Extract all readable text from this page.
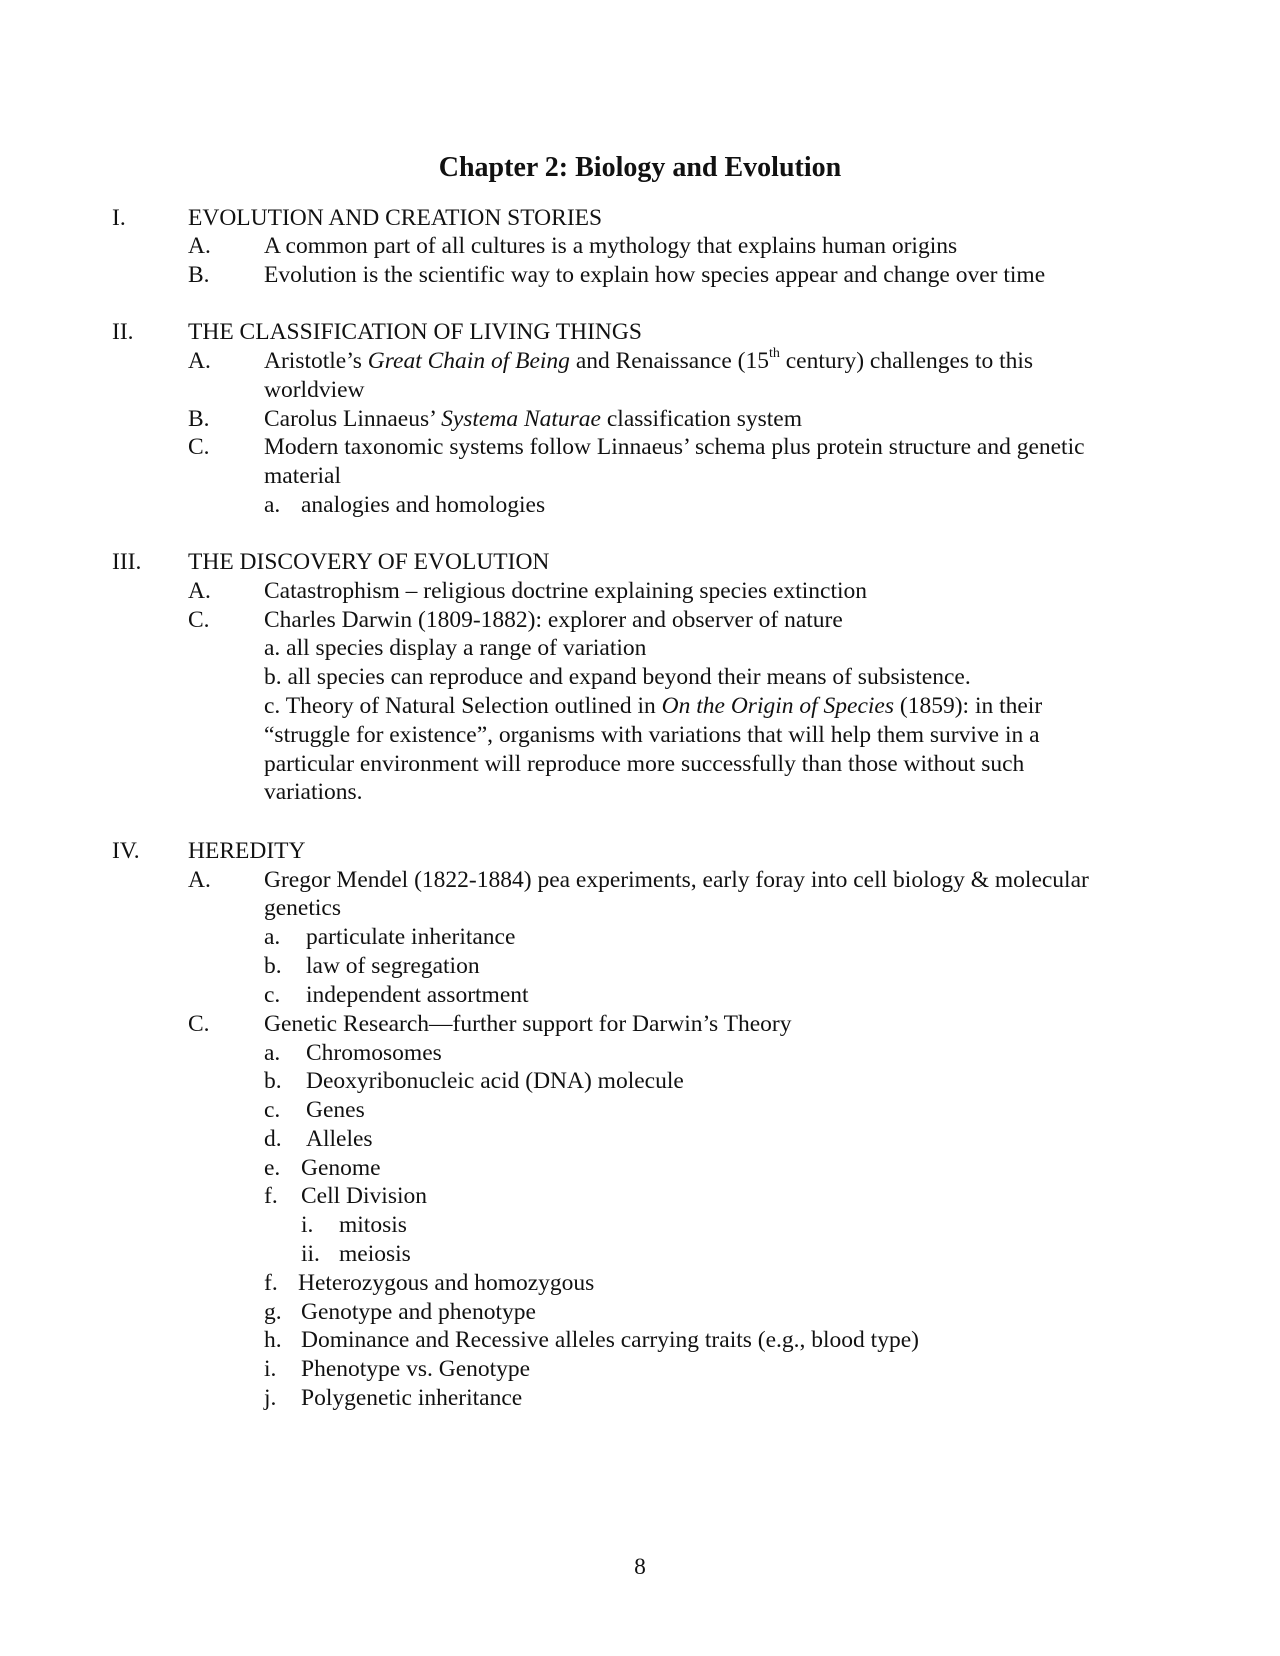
Chapter 2: Biology and Evolution
I.	EVOLUTION AND CREATION STORIES
A. A common part of all cultures is a mythology that explains human origins
B. Evolution is the scientific way to explain how species appear and change over time
II. THE CLASSIFICATION OF LIVING THINGS
A. Aristotle’s Great Chain of Being and Renaissance (15th century) challenges to this
worldview
B. Carolus Linnaeus’ Systema Naturae classification system
C. Modern taxonomic systems follow Linnaeus’ schema plus protein structure and genetic
material
a. analogies and homologies
III. THE DISCOVERY OF EVOLUTION
A. Catastrophism – religious doctrine explaining species extinction
C. Charles Darwin (1809-1882): explorer and observer of nature
a. all species display a range of variation
b. all species can reproduce and expand beyond their means of subsistence.
c. Theory of Natural Selection outlined in On the Origin of Species (1859): in their
“struggle for existence”, organisms with variations that will help them survive in a
particular environment will reproduce more successfully than those without such
variations.
IV. HEREDITY
A. Gregor Mendel (1822-1884) pea experiments, early foray into cell biology & molecular
genetics
a. particulate inheritance
b. law of segregation
c. independent assortment
C. Genetic Research—further support for Darwin’s Theory
a. Chromosomes
b. Deoxyribonucleic acid (DNA) molecule
c. Genes
d. Alleles
e. Genome
f. Cell Division
i. mitosis
ii. meiosis
f. Heterozygous and homozygous
g. Genotype and phenotype
h. Dominance and Recessive alleles carrying traits (e.g., blood type)
i. Phenotype vs. Genotype
j. Polygenetic inheritance
8
